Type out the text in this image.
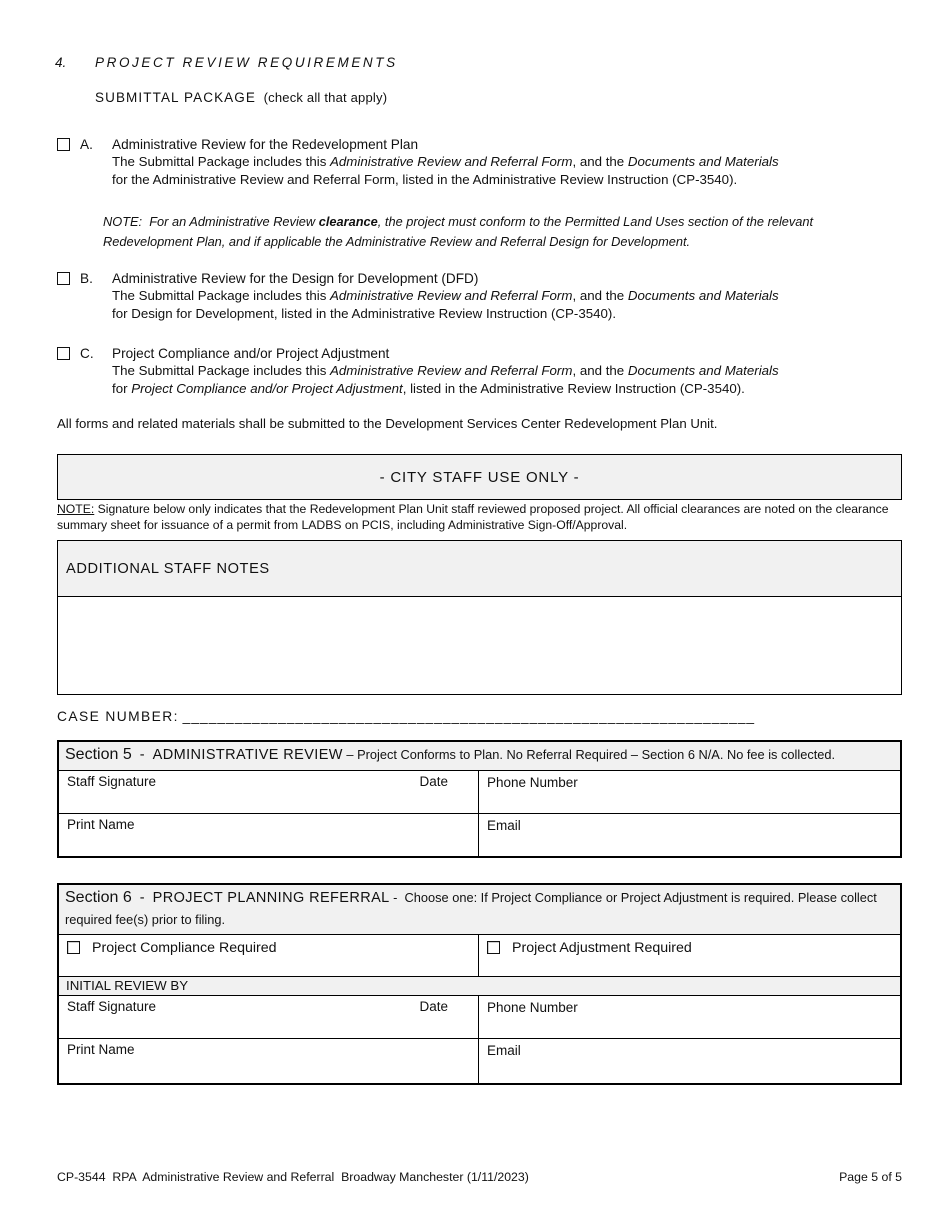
4.	PROJECT REVIEW REQUIREMENTS
SUBMITTAL PACKAGE  (check all that apply)
A.	Administrative Review for the Redevelopment Plan
The Submittal Package includes this Administrative Review and Referral Form, and the Documents and Materials
for the Administrative Review and Referral Form, listed in the Administrative Review Instruction (CP-3540).
NOTE:  For an Administrative Review clearance, the project must conform to the Permitted Land Uses section of the relevant Redevelopment Plan, and if applicable the Administrative Review and Referral Design for Development.
B.	Administrative Review for the Design for Development (DFD)
The Submittal Package includes this Administrative Review and Referral Form, and the Documents and Materials
for Design for Development, listed in the Administrative Review Instruction (CP-3540).
C.	Project Compliance and/or Project Adjustment
The Submittal Package includes this Administrative Review and Referral Form, and the Documents and Materials
for Project Compliance and/or Project Adjustment, listed in the Administrative Review Instruction (CP-3540).
All forms and related materials shall be submitted to the Development Services Center Redevelopment Plan Unit.
- CITY STAFF USE ONLY -
NOTE: Signature below only indicates that the Redevelopment Plan Unit staff reviewed proposed project. All official clearances are noted on the clearance summary sheet for issuance of a permit from LADBS on PCIS, including Administrative Sign-Off/Approval.
ADDITIONAL STAFF NOTES
CASE NUMBER: __________________________________________________________________
Section 5  -  ADMINISTRATIVE REVIEW – Project Conforms to Plan. No Referral Required – Section 6 N/A. No fee is collected.
Staff Signature	Date	Phone Number
Print Name	Email
Section 6  -  PROJECT PLANNING REFERRAL -  Choose one: If Project Compliance or Project Adjustment is required. Please collect required fee(s) prior to filing.
Project Compliance Required	Project Adjustment Required
INITIAL REVIEW BY
Staff Signature	Date	Phone Number
Print Name	Email
CP-3544  RPA  Administrative Review and Referral  Broadway Manchester (1/11/2023)	Page 5 of 5
